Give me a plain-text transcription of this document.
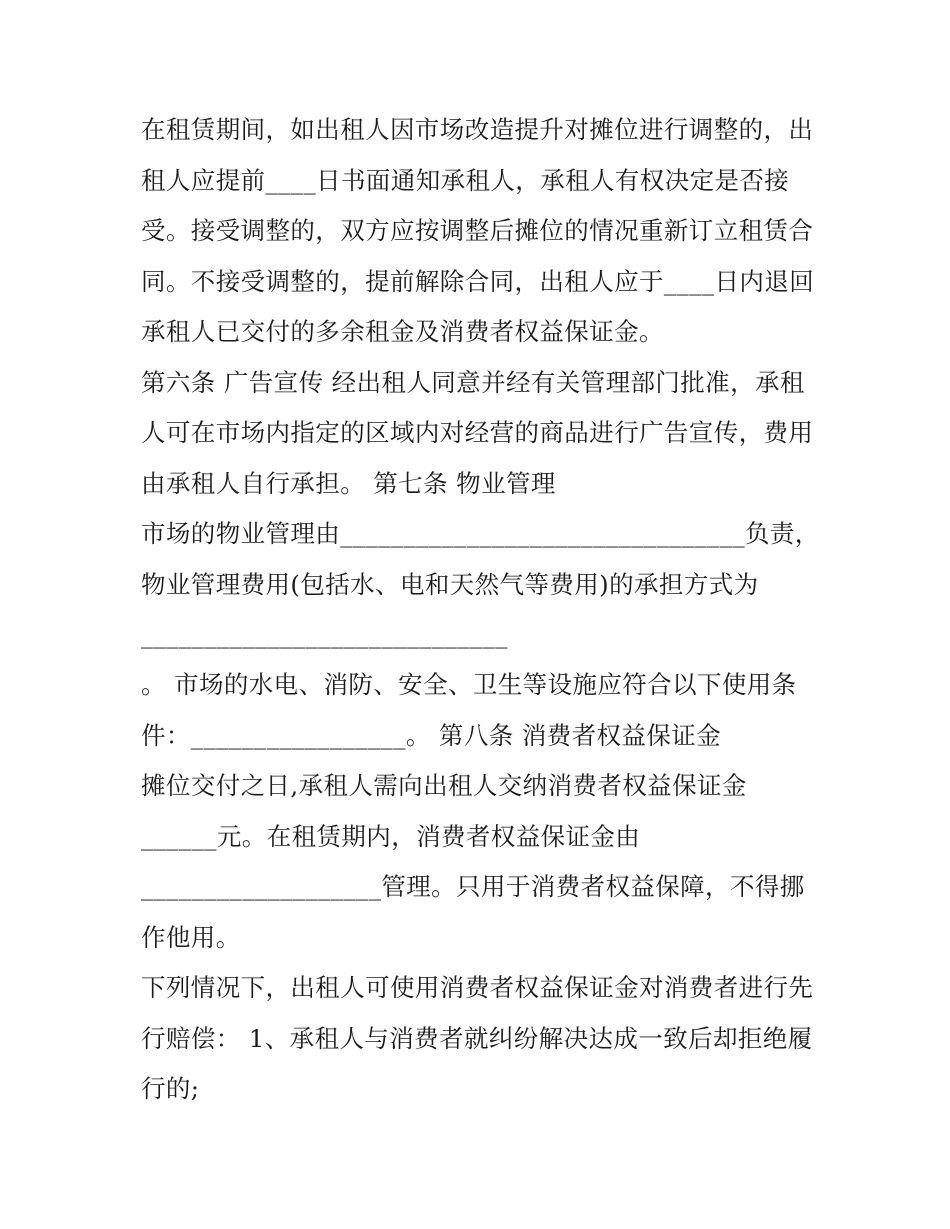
在租赁期间，如出租人因市场改造提升对摊位进行调整的，出
租人应提前____日书面通知承租人，承租人有权决定是否接
受。接受调整的，双方应按调整后摊位的情况重新订立租赁合
同。不接受调整的，提前解除合同，出租人应于____日内退回
承租人已交付的多余租金及消费者权益保证金。
第六条 广告宣传 经出租人同意并经有关管理部门批准，承租
人可在市场内指定的区域内对经营的商品进行广告宣传，费用
由承租人自行承担。 第七条 物业管理
市场的物业管理由________________________________负责，
物业管理费用(包括水、电和天然气等费用)的承担方式为
_____________________________
。 市场的水电、消防、安全、卫生等设施应符合以下使用条
件：_________________。 第八条 消费者权益保证金
摊位交付之日,承租人需向出租人交纳消费者权益保证金
______元。在租赁期内，消费者权益保证金由
___________________管理。只用于消费者权益保障，不得挪
作他用。
下列情况下，出租人可使用消费者权益保证金对消费者进行先
行赔偿： 1、承租人与消费者就纠纷解决达成一致后却拒绝履
行的;
